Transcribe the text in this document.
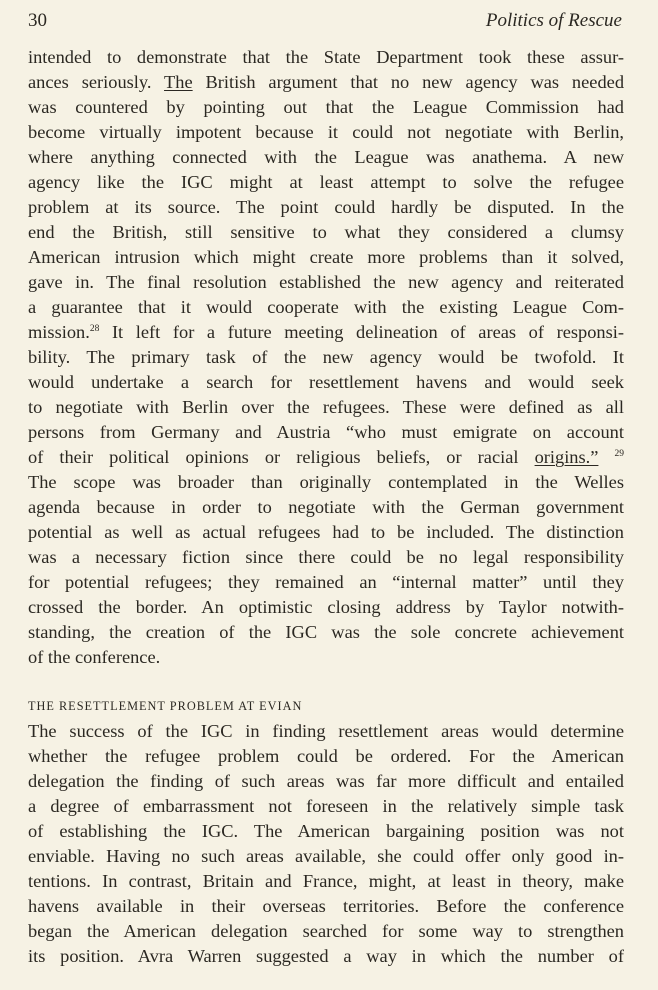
30	Politics of Rescue
intended to demonstrate that the State Department took these assur-
ances seriously. The British argument that no new agency was needed
was countered by pointing out that the League Commission had
become virtually impotent because it could not negotiate with Berlin,
where anything connected with the League was anathema. A new
agency like the IGC might at least attempt to solve the refugee
problem at its source. The point could hardly be disputed. In the
end the British, still sensitive to what they considered a clumsy
American intrusion which might create more problems than it solved,
gave in. The final resolution established the new agency and reiterated
a guarantee that it would cooperate with the existing League Com-
mission.$^{28}$ It left for a future meeting delineation of areas of responsi-
bility. The primary task of the new agency would be twofold. It
would undertake a search for resettlement havens and would seek
to negotiate with Berlin over the refugees. These were defined as all
persons from Germany and Austria “who must emigrate on account
of their political opinions or religious beliefs, or racial origins.” $^{29}$
The scope was broader than originally contemplated in the Welles
agenda because in order to negotiate with the German government
potential as well as actual refugees had to be included. The distinction
was a necessary fiction since there could be no legal responsibility
for potential refugees; they remained an “internal matter” until they
crossed the border. An optimistic closing address by Taylor notwith-
standing, the creation of the IGC was the sole concrete achievement
of the conference.
THE RESETTLEMENT PROBLEM AT EVIAN
The success of the IGC in finding resettlement areas would determine
whether the refugee problem could be ordered. For the American
delegation the finding of such areas was far more difficult and entailed
a degree of embarrassment not foreseen in the relatively simple task
of establishing the IGC. The American bargaining position was not
enviable. Having no such areas available, she could offer only good in-
tentions. In contrast, Britain and France, might, at least in theory, make
havens available in their overseas territories. Before the conference
began the American delegation searched for some way to strengthen
its position. Avra Warren suggested a way in which the number of
